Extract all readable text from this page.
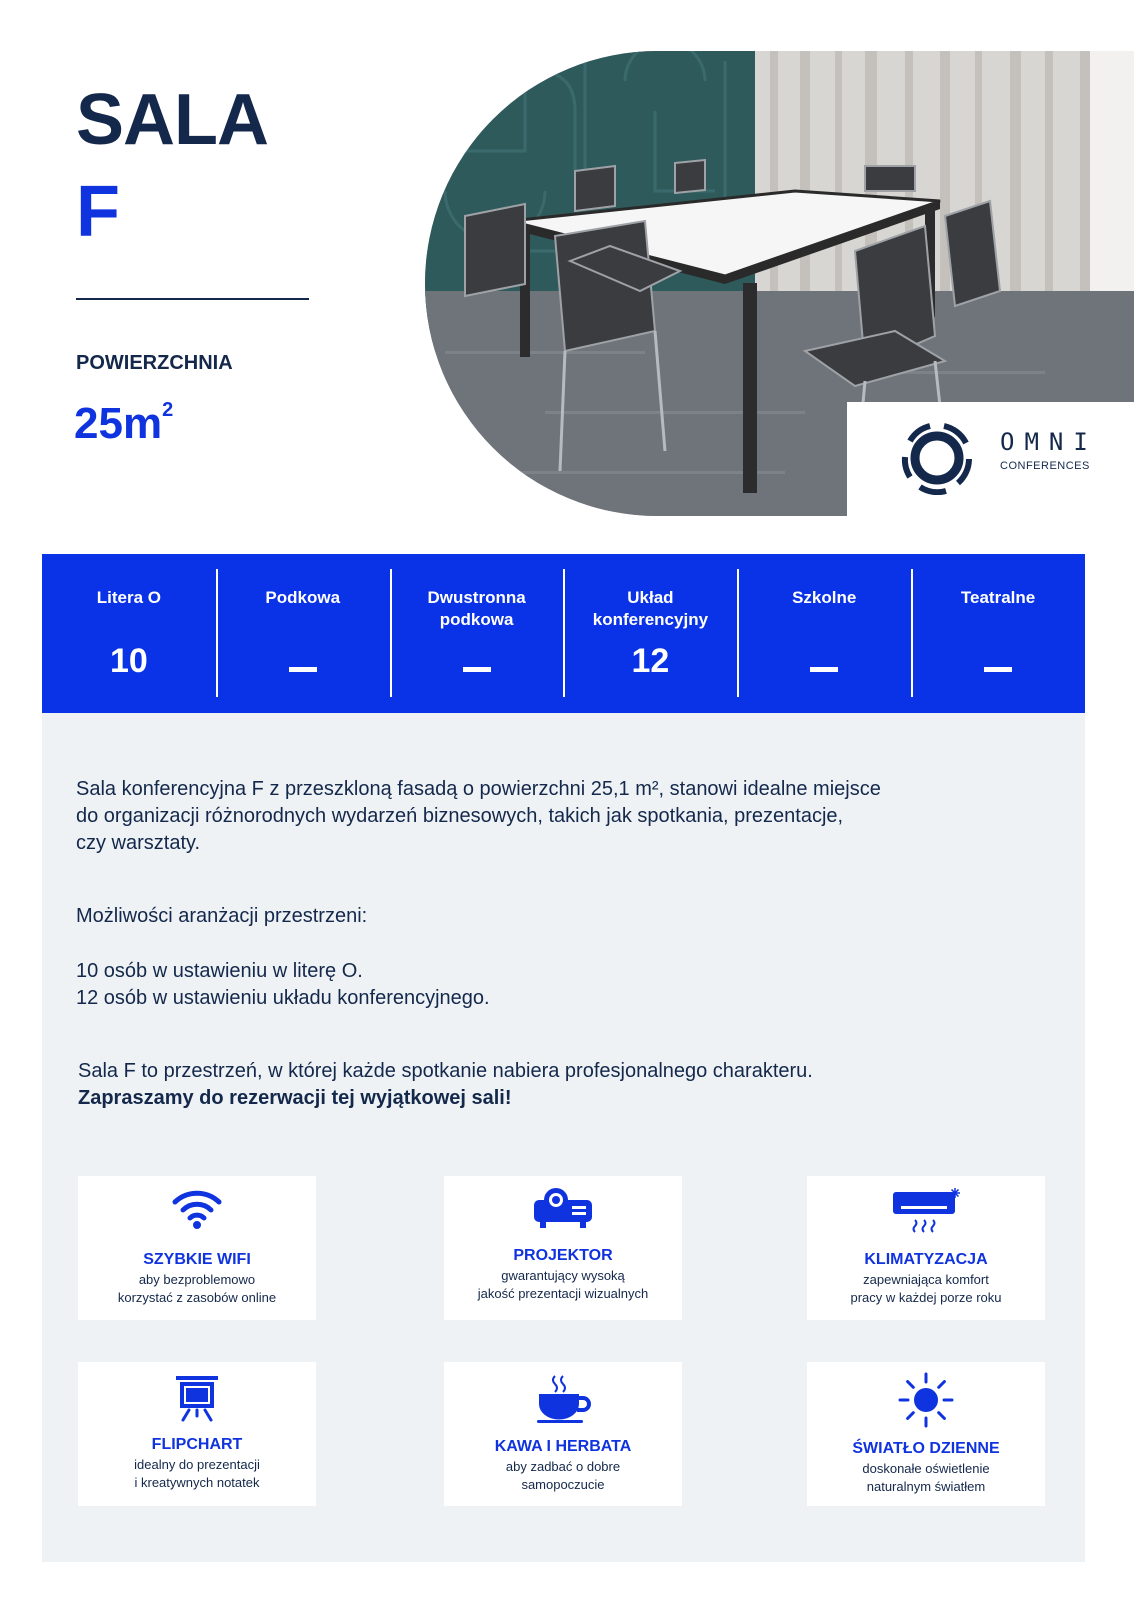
SALA
F
POWIERZCHNIA
$25m^2$
OMNI
CONFERENCES
Litera O
10
Podkowa	Dwustronna podkowa
Układ konferencyjny
12
Szkolne	Teatralne
Sala konferencyjna F z przeszkloną fasadą o powierzchni 25,1 m², stanowi idealne miejsce
do organizacji różnorodnych wydarzeń biznesowych, takich jak spotkania, prezentacje,
czy warsztaty.
Możliwości aranżacji przestrzeni:
10 osób w ustawieniu w literę O.
12 osób w ustawieniu układu konferencyjnego.
Sala F to przestrzeń, w której każde spotkanie nabiera profesjonalnego charakteru.
Zapraszamy do rezerwacji tej wyjątkowej sali!
SZYBKIE WIFI
aby bezproblemowo
korzystać z zasobów online
PROJEKTOR
gwarantujący wysoką
jakość prezentacji wizualnych
KLIMATYZACJA
zapewniająca komfort
pracy w każdej porze roku
FLIPCHART
idealny do prezentacji
i kreatywnych notatek
KAWA I HERBATA
aby zadbać o dobre
samopoczucie
ŚWIATŁO DZIENNE
doskonałe oświetlenie
naturalnym światłem
